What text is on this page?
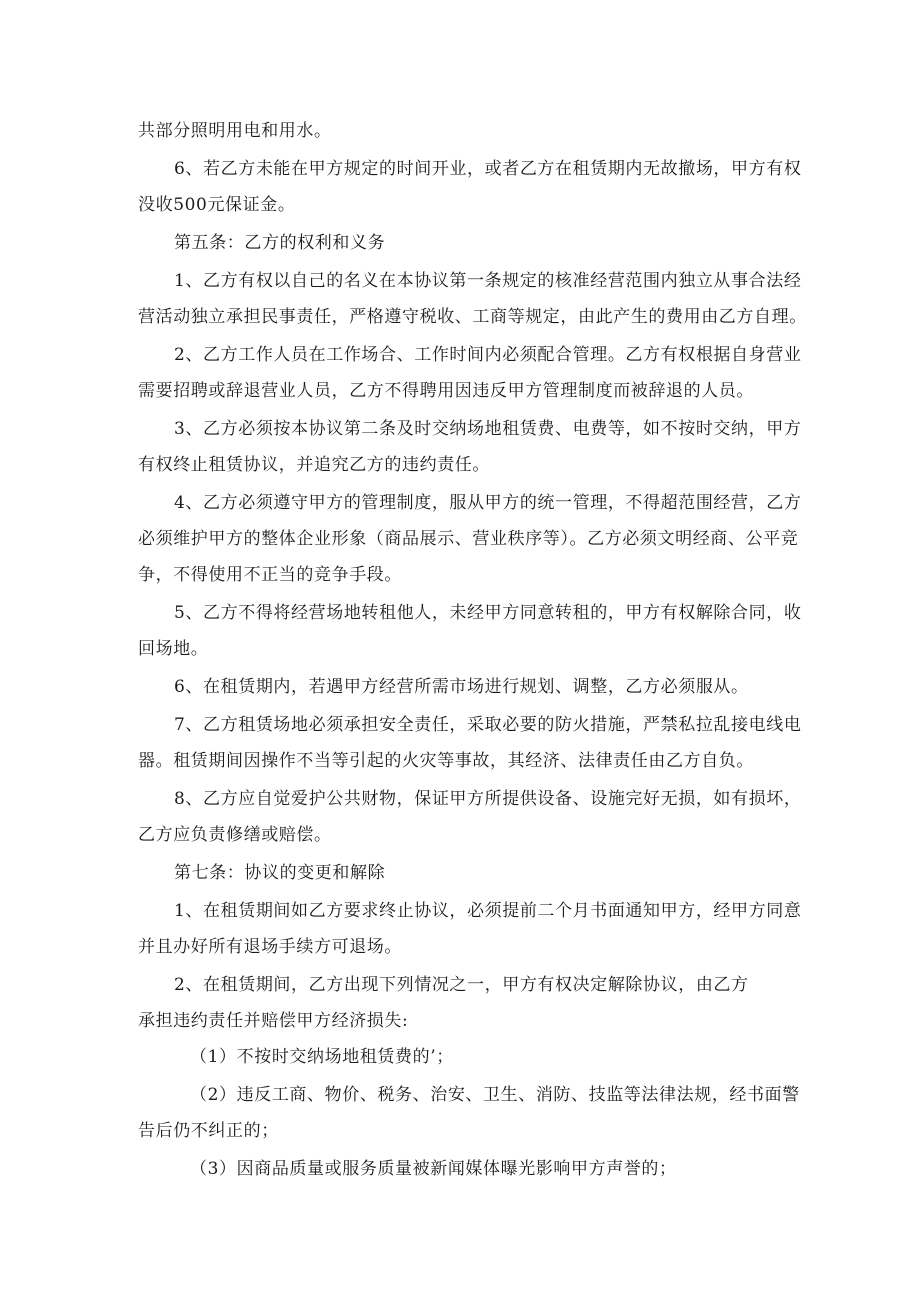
共部分照明用电和用水。
6、若乙方未能在甲方规定的时间开业，或者乙方在租赁期内无故撤场，甲方有权
没收500元保证金。
第五条：乙方的权利和义务
1、乙方有权以自己的名义在本协议第一条规定的核准经营范围内独立从事合法经
营活动独立承担民事责任，严格遵守税收、工商等规定，由此产生的费用由乙方自理。
2、乙方工作人员在工作场合、工作时间内必须配合管理。乙方有权根据自身营业
需要招聘或辞退营业人员，乙方不得聘用因违反甲方管理制度而被辞退的人员。
3、乙方必须按本协议第二条及时交纳场地租赁费、电费等，如不按时交纳，甲方
有权终止租赁协议，并追究乙方的违约责任。
4、乙方必须遵守甲方的管理制度，服从甲方的统一管理，不得超范围经营，乙方
必须维护甲方的整体企业形象（商品展示、营业秩序等）。乙方必须文明经商、公平竞
争，不得使用不正当的竞争手段。
5、乙方不得将经营场地转租他人，未经甲方同意转租的，甲方有权解除合同，收
回场地。
6、在租赁期内，若遇甲方经营所需市场进行规划、调整，乙方必须服从。
7、乙方租赁场地必须承担安全责任，采取必要的防火措施，严禁私拉乱接电线电
器。租赁期间因操作不当等引起的火灾等事故，其经济、法律责任由乙方自负。
8、乙方应自觉爱护公共财物，保证甲方所提供设备、设施完好无损，如有损坏，
乙方应负责修缮或赔偿。
第七条：协议的变更和解除
1、在租赁期间如乙方要求终止协议，必须提前二个月书面通知甲方，经甲方同意
并且办好所有退场手续方可退场。
2、在租赁期间，乙方出现下列情况之一，甲方有权决定解除协议，由乙方
承担违约责任并赔偿甲方经济损失:
（1）不按时交纳场地租赁费的’；
（2）违反工商、物价、税务、治安、卫生、消防、技监等法律法规，经书面警
告后仍不纠正的；
（3）因商品质量或服务质量被新闻媒体曝光影响甲方声誉的；
